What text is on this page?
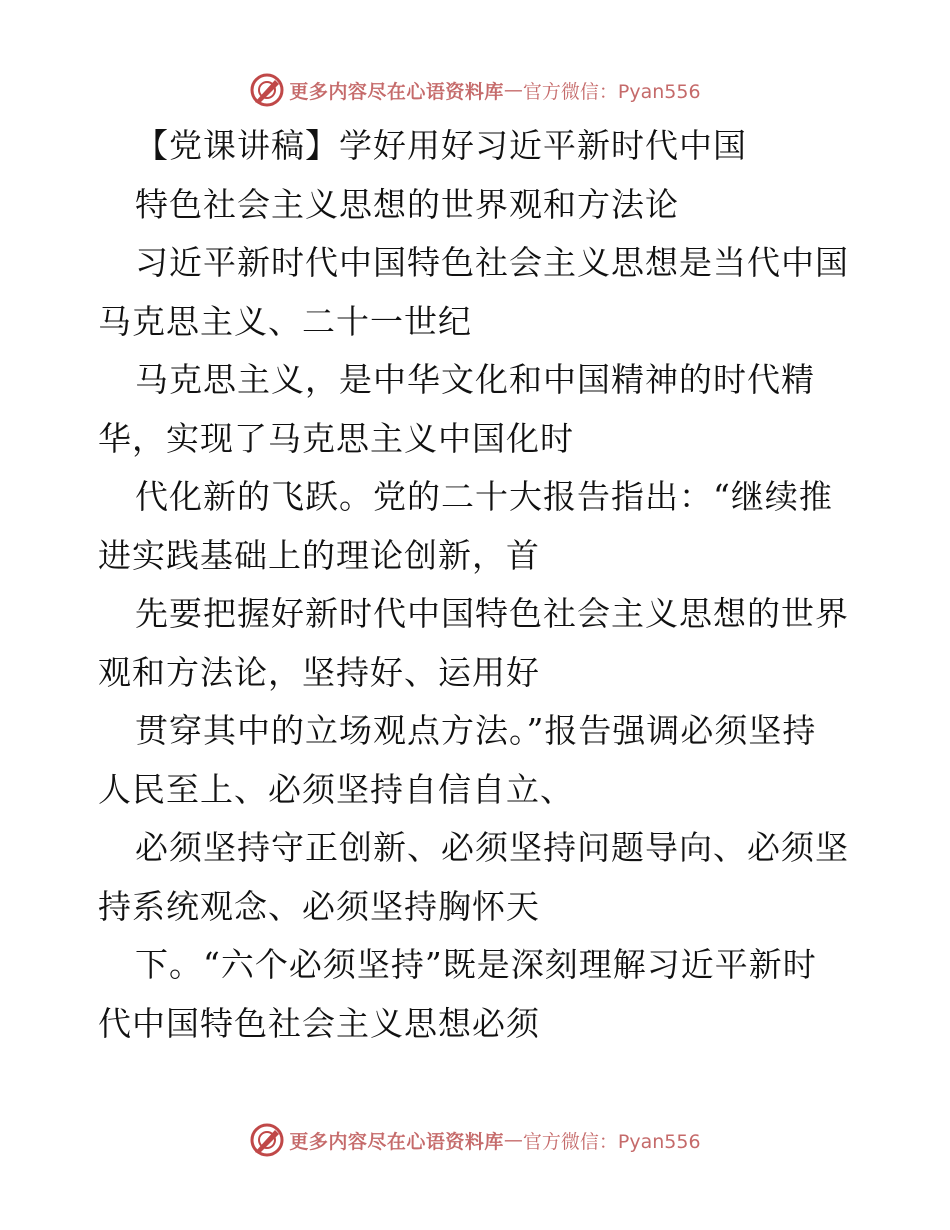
更多内容尽在心语资料库 — 官方微信：Pyan556
【党课讲稿】学好用好习近平新时代中国
特色社会主义思想的世界观和方法论
习近平新时代中国特色社会主义思想是当代中国
马克思主义、二十一世纪
马克思主义，是中华文化和中国精神的时代精
华，实现了马克思主义中国化时
代化新的飞跃。党的二十大报告指出：“继续推
进实践基础上的理论创新，首
先要把握好新时代中国特色社会主义思想的世界
观和方法论，坚持好、运用好
贯穿其中的立场观点方法。”报告强调必须坚持
人民至上、必须坚持自信自立、
必须坚持守正创新、必须坚持问题导向、必须坚
持系统观念、必须坚持胸怀天
下。“六个必须坚持”既是深刻理解习近平新时
代中国特色社会主义思想必须
更多内容尽在心语资料库 — 官方微信：Pyan556
